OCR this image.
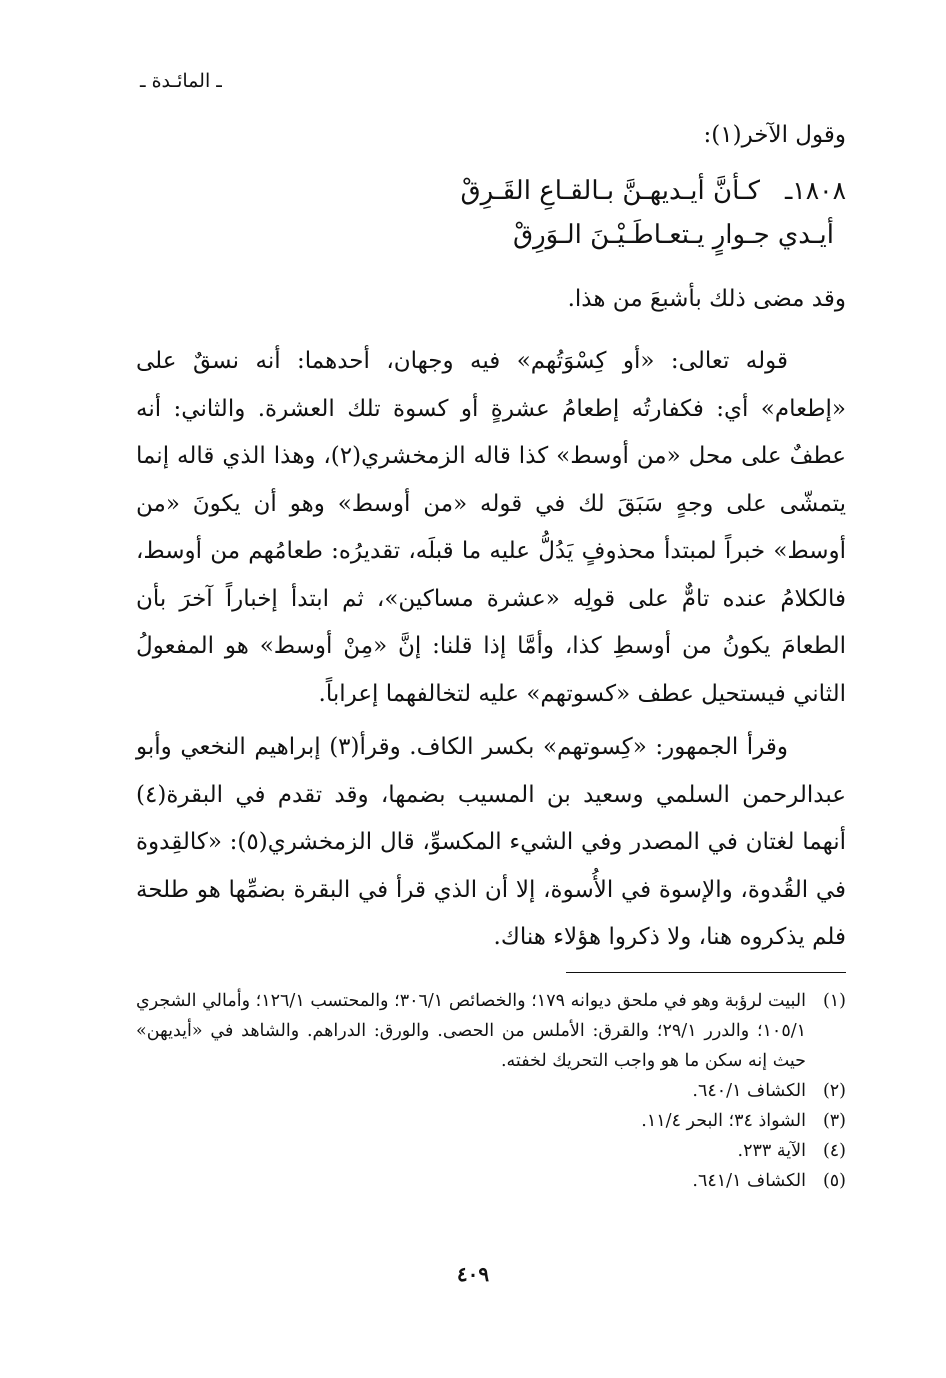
ـ المائـدة ـ
وقول الآخر(١):
١٨٠٨ـ
كـأنَّ أيـديهـنَّ بـالقـاعِ القَـرِقْ
أيـدي جـوارٍ يـتعـاطَـيْـنَ الـوَرِقْ
وقد مضى ذلك بأشبعَ من هذا.
قوله تعالى: «أو كِسْوَتُهم» فيه وجهان، أحدهما: أنه نسقٌ على «إطعام» أي: فكفارتُه إطعامُ عشرةٍ أو كسوة تلك العشرة. والثاني: أنه عطفٌ على محل «من أوسط» كذا قاله الزمخشري(٢)، وهذا الذي قاله إنما يتمشّى على وجهٍ سَبَقَ لك في قوله «من أوسط» وهو أن يكونَ «من أوسط» خبراً لمبتدأ محذوفٍ يَدُلُّ عليه ما قبلَه، تقديرُه: طعامُهم من أوسط، فالكلامُ عنده تامٌّ على قولِه «عشرة مساكين»، ثم ابتدأ إخباراً آخرَ بأن الطعامَ يكونُ من أوسطِ كذا، وأمَّا إذا قلنا: إنَّ «مِنْ أوسط» هو المفعولُ الثاني فيستحيل عطف «كسوتهم» عليه لتخالفهما إعراباً.
وقرأ الجمهور: «كِسوتهم» بكسر الكاف. وقرأ(٣) إبراهيم النخعي وأبو عبدالرحمن السلمي وسعيد بن المسيب بضمها، وقد تقدم في البقرة(٤) أنهما لغتان في المصدر وفي الشيء المكسوِّ، قال الزمخشري(٥): «كالقِدوة في القُدوة، والإسوة في الأُسوة، إلا أن الذي قرأ في البقرة بضمِّها هو طلحة فلم يذكروه هنا، ولا ذكروا هؤلاء هناك.
(١)
البيت لرؤبة وهو في ملحق ديوانه ١٧٩؛ والخصائص ٣٠٦/١؛ والمحتسب ١٢٦/١؛ وأمالي الشجري ١٠٥/١؛ والدرر ٢٩/١؛ والقرق: الأملس من الحصى. والورق: الدراهم. والشاهد في «أيديهن» حيث إنه سكن ما هو واجب التحريك لخفته.
(٢)
الكشاف ٦٤٠/١.
(٣)
الشواذ ٣٤؛ البحر ١١/٤.
(٤)
الآية ٢٣٣.
(٥)
الكشاف ٦٤١/١.
٤٠٩
